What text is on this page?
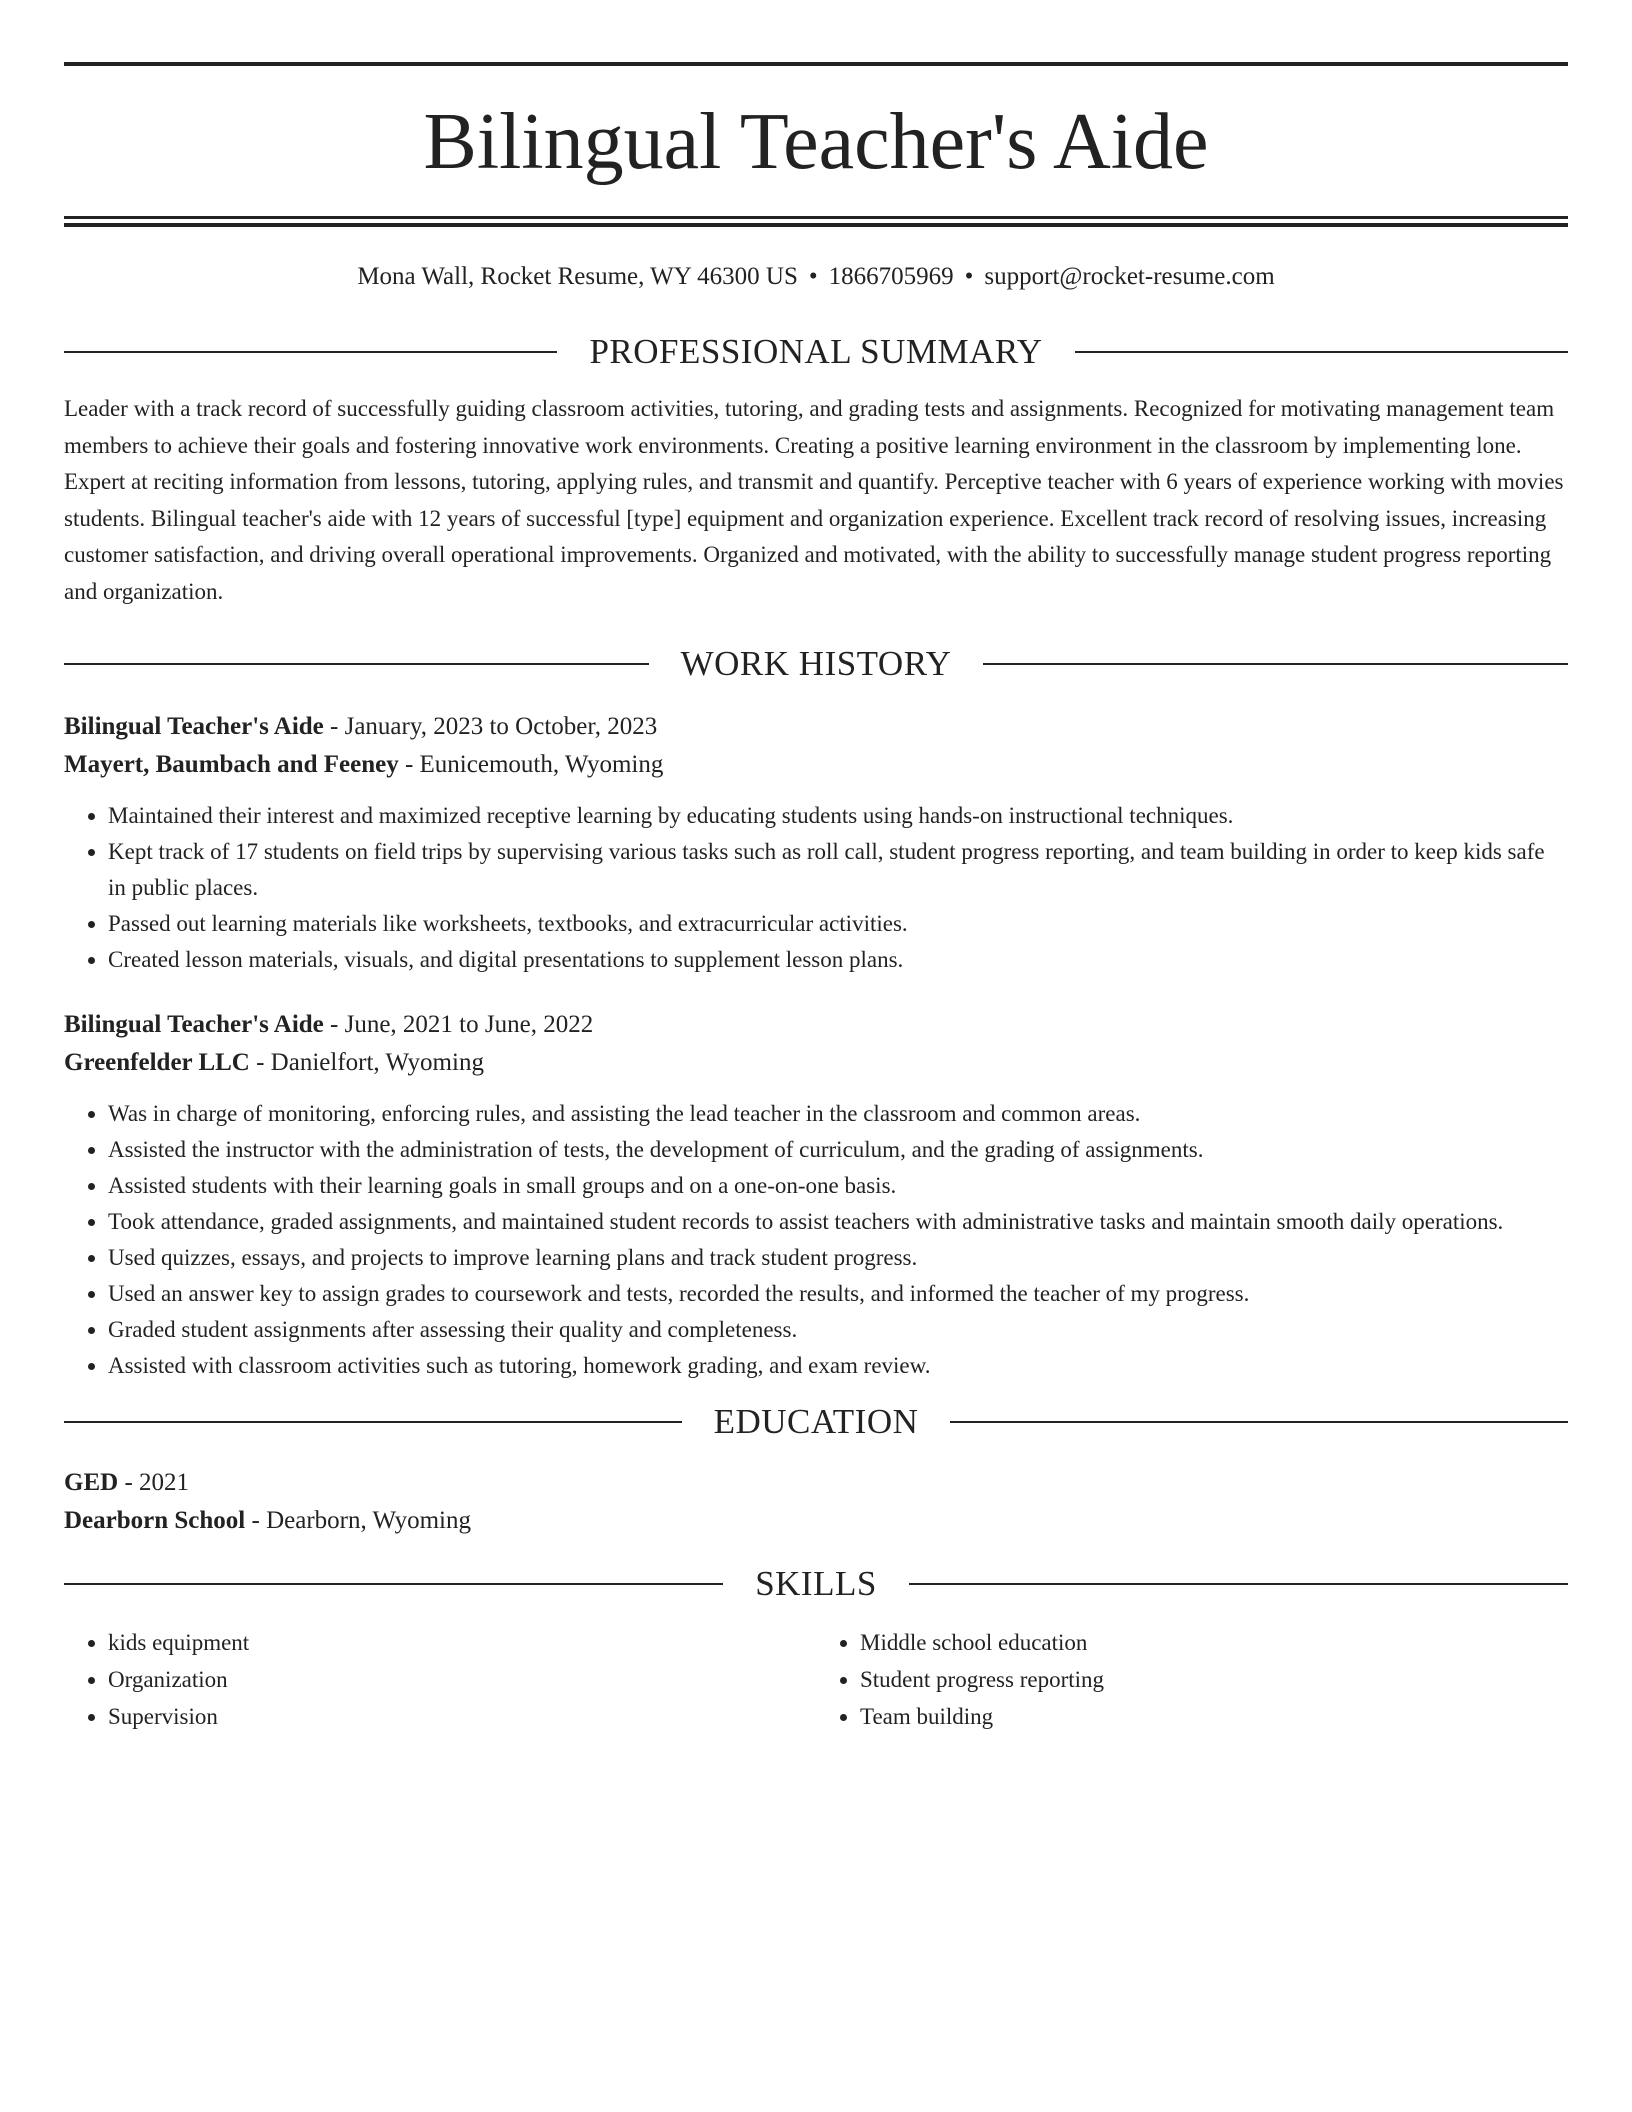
Bilingual Teacher's Aide
Mona Wall, Rocket Resume, WY 46300 US • 1866705969 • support@rocket-resume.com
PROFESSIONAL SUMMARY
Leader with a track record of successfully guiding classroom activities, tutoring, and grading tests and assignments. Recognized for motivating management team members to achieve their goals and fostering innovative work environments. Creating a positive learning environment in the classroom by implementing lone. Expert at reciting information from lessons, tutoring, applying rules, and transmit and quantify. Perceptive teacher with 6 years of experience working with movies students. Bilingual teacher's aide with 12 years of successful [type] equipment and organization experience. Excellent track record of resolving issues, increasing customer satisfaction, and driving overall operational improvements. Organized and motivated, with the ability to successfully manage student progress reporting and organization.
WORK HISTORY
Bilingual Teacher's Aide - January, 2023 to October, 2023
Mayert, Baumbach and Feeney - Eunicemouth, Wyoming
• Maintained their interest and maximized receptive learning by educating students using hands-on instructional techniques.
• Kept track of 17 students on field trips by supervising various tasks such as roll call, student progress reporting, and team building in order to keep kids safe in public places.
• Passed out learning materials like worksheets, textbooks, and extracurricular activities.
• Created lesson materials, visuals, and digital presentations to supplement lesson plans.
Bilingual Teacher's Aide - June, 2021 to June, 2022
Greenfelder LLC - Danielfort, Wyoming
• Was in charge of monitoring, enforcing rules, and assisting the lead teacher in the classroom and common areas.
• Assisted the instructor with the administration of tests, the development of curriculum, and the grading of assignments.
• Assisted students with their learning goals in small groups and on a one-on-one basis.
• Took attendance, graded assignments, and maintained student records to assist teachers with administrative tasks and maintain smooth daily operations.
• Used quizzes, essays, and projects to improve learning plans and track student progress.
• Used an answer key to assign grades to coursework and tests, recorded the results, and informed the teacher of my progress.
• Graded student assignments after assessing their quality and completeness.
• Assisted with classroom activities such as tutoring, homework grading, and exam review.
EDUCATION
GED - 2021
Dearborn School - Dearborn, Wyoming
SKILLS
• kids equipment
• Organization
• Supervision
• Middle school education
• Student progress reporting
• Team building
